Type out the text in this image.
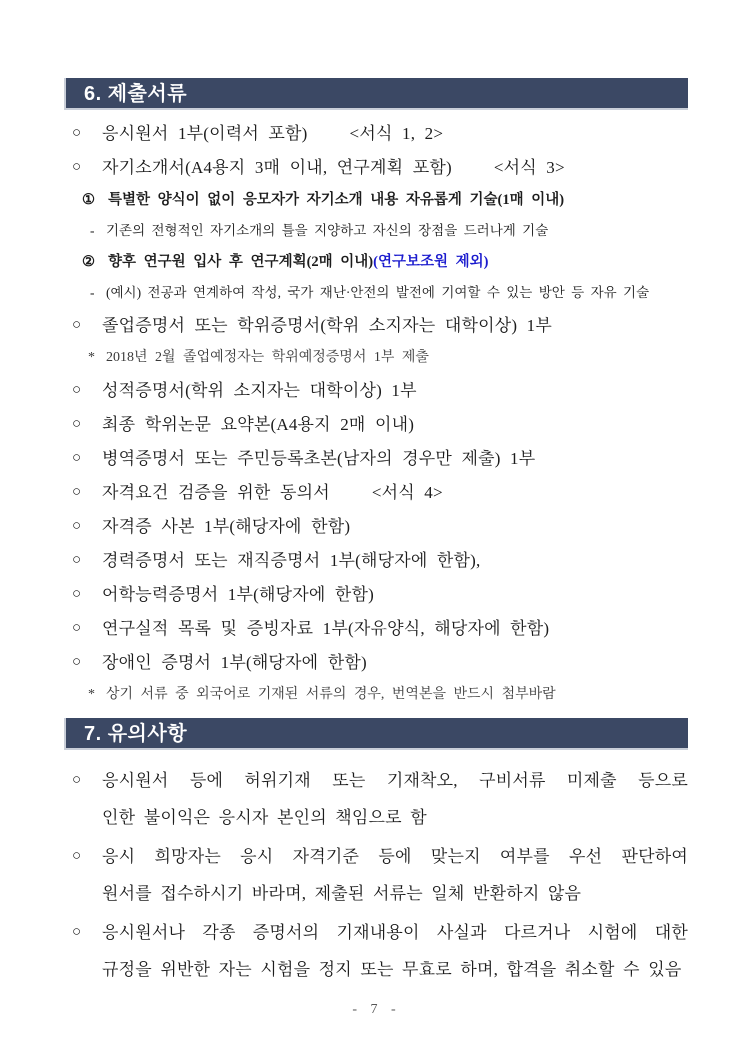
6. 제출서류
○	응시원서 1부(이력서 포함) <서식 1, 2>
○	자기소개서(A4용지 3매 이내, 연구계획 포함) <서식 3>
① 특별한 양식이 없이 응모자가 자기소개 내용 자유롭게 기술(1매 이내)
- 기존의 전형적인 자기소개의 틀을 지양하고 자신의 장점을 드러나게 기술
② 향후 연구원 입사 후 연구계획(2매 이내)(연구보조원 제외)
- (예시) 전공과 연계하여 작성, 국가 재난·안전의 발전에 기여할 수 있는 방안 등 자유 기술
○	졸업증명서 또는 학위증명서(학위 소지자는 대학이상) 1부
* 2018년 2월 졸업예정자는 학위예정증명서 1부 제출
○	성적증명서(학위 소지자는 대학이상) 1부
○	최종 학위논문 요약본(A4용지 2매 이내)
○	병역증명서 또는 주민등록초본(남자의 경우만 제출) 1부
○	자격요건 검증을 위한 동의서 <서식 4>
○	자격증 사본 1부(해당자에 한함)
○	경력증명서 또는 재직증명서 1부(해당자에 한함),
○	어학능력증명서 1부(해당자에 한함)
○	연구실적 목록 및 증빙자료 1부(자유양식, 해당자에 한함)
○	장애인 증명서 1부(해당자에 한함)
* 상기 서류 중 외국어로 기재된 서류의 경우, 번역본을 반드시 첨부바람
7. 유의사항
○	응시원서 등에 허위기재 또는 기재착오, 구비서류 미제출 등으로
인한 불이익은 응시자 본인의 책임으로 함
○	응시 희망자는 응시 자격기준 등에 맞는지 여부를 우선 판단하여
원서를 접수하시기 바라며, 제출된 서류는 일체 반환하지 않음
○	응시원서나 각종 증명서의 기재내용이 사실과 다르거나 시험에 대한
규정을 위반한 자는 시험을 정지 또는 무효로 하며, 합격을 취소할 수 있음
- 7 -
